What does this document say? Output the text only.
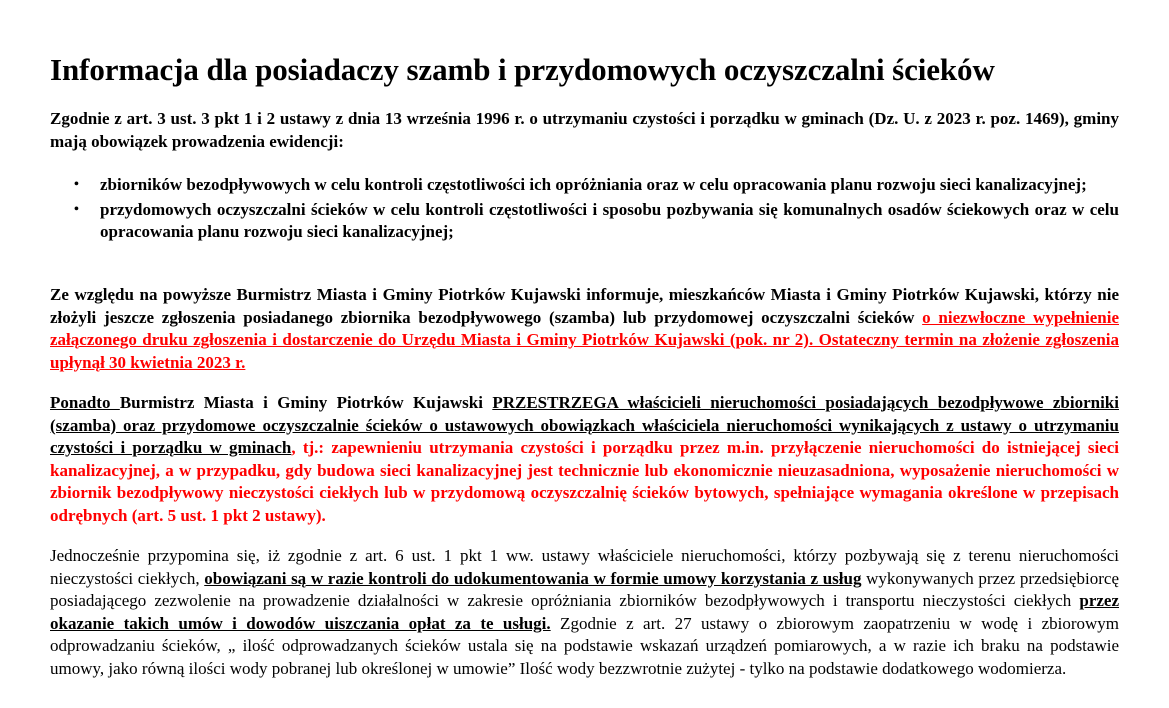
Informacja dla posiadaczy szamb i przydomowych oczyszczalni ścieków
Zgodnie z art. 3 ust. 3 pkt 1 i 2 ustawy z dnia 13 września 1996 r. o utrzymaniu czystości i porządku w gminach (Dz. U. z 2023 r. poz. 1469), gminy mają obowiązek prowadzenia ewidencji:
• zbiorników bezodpływowych w celu kontroli częstotliwości ich opróżniania oraz w celu opracowania planu rozwoju sieci kanalizacyjnej;
• przydomowych oczyszczalni ścieków w celu kontroli częstotliwości i sposobu pozbywania się komunalnych osadów ściekowych oraz w celu opracowania planu rozwoju sieci kanalizacyjnej;
Ze względu na powyższe Burmistrz Miasta i Gminy Piotrków Kujawski informuje, mieszkańców Miasta i Gminy Piotrków Kujawski, którzy nie złożyli jeszcze zgłoszenia posiadanego zbiornika bezodpływowego (szamba) lub przydomowej oczyszczalni ścieków o niezwłoczne wypełnienie załączonego druku zgłoszenia i dostarczenie do Urzędu Miasta i Gminy Piotrków Kujawski (pok. nr 2). Ostateczny termin na złożenie zgłoszenia upłynął 30 kwietnia 2023 r.
Ponadto Burmistrz Miasta i Gminy Piotrków Kujawski PRZESTRZEGA właścicieli nieruchomości posiadających bezodpływowe zbiorniki (szamba) oraz przydomowe oczyszczalnie ścieków o ustawowych obowiązkach właściciela nieruchomości wynikających z ustawy o utrzymaniu czystości i porządku w gminach, tj.: zapewnieniu utrzymania czystości i porządku przez m.in. przyłączenie nieruchomości do istniejącej sieci kanalizacyjnej, a w przypadku, gdy budowa sieci kanalizacyjnej jest technicznie lub ekonomicznie nieuzasadniona, wyposażenie nieruchomości w zbiornik bezodpływowy nieczystości ciekłych lub w przydomową oczyszczalnię ścieków bytowych, spełniające wymagania określone w przepisach odrębnych (art. 5 ust. 1 pkt 2 ustawy).
Jednocześnie przypomina się, iż zgodnie z art. 6 ust. 1 pkt 1 ww. ustawy właściciele nieruchomości, którzy pozbywają się z terenu nieruchomości nieczystości ciekłych, obowiązani są w razie kontroli do udokumentowania w formie umowy korzystania z usług wykonywanych przez przedsiębiorcę posiadającego zezwolenie na prowadzenie działalności w zakresie opróżniania zbiorników bezodpływowych i transportu nieczystości ciekłych przez okazanie takich umów i dowodów uiszczania opłat za te usługi. Zgodnie z art. 27 ustawy o zbiorowym zaopatrzeniu w wodę i zbiorowym odprowadzaniu ścieków, „ ilość odprowadzanych ścieków ustala się na podstawie wskazań urządzeń pomiarowych, a w razie ich braku na podstawie umowy, jako równą ilości wody pobranej lub określonej w umowie” Ilość wody bezzwrotnie zużytej - tylko na podstawie dodatkowego wodomierza.
